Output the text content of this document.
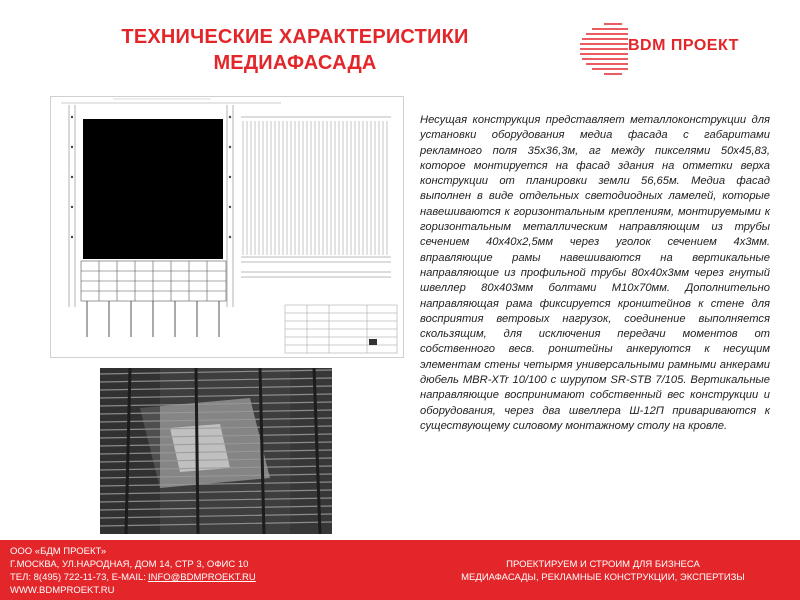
ТЕХНИЧЕСКИЕ ХАРАКТЕРИСТИКИ
МЕДИАФАСАДА
BDM ПРОЕКТ

Несущая конструкция представляет металлоконструкции для установки оборудования медиа фасада с габаритами рекламного поля 35х36,3м, аг между пикселями 50х45,83, которое монтируется на фасад здания на отметки верха конструкции от планировки земли 56,65м. Медиа фасад выполнен в виде отдельных светодиодных ламелей, которые навешиваются к горизонтальным креплениям, монтируемыми к горизонтальным металлическим направляющим из трубы сечением 40х40х2,5мм через уголок сечением 4х3мм. вправляющие рамы навешиваются на вертикальные направляющие из профильной трубы 80х40х3мм через гнутый швеллер 80х403мм болтами М10х70мм. Дополнительно направляющая рама фиксируется кронштейнов к стене для восприятия ветровых нагрузок, соединение выполняется скользящим, для исключения передачи моментов от собственного весв. ронштейны анкеруются к несущим элементам стены четырмя универсальными рамными анкерами дюбель MBR-XTr 10/100 с шурупом SR-STB 7/105. Вертикальные направляющие воспринимают собственный вес конструкции и оборудования, через два швеллера Ш-12П привариваются к существующему силовому монтажному столу на кровле.

ООО «БДМ ПРОЕКТ»
Г.МОСКВА, УЛ.НАРОДНАЯ, ДОМ 14, СТР 3, ОФИС 10
ТЕЛ: 8(495) 722-11-73, E-MAIL: INFO@BDMPROEKT.RU
WWW.BDMPROEKT.RU
ПРОЕКТИРУЕМ И СТРОИМ ДЛЯ БИЗНЕСА
МЕДИАФАСАДЫ, РЕКЛАМНЫЕ КОНСТРУКЦИИ, ЭКСПЕРТИЗЫ
